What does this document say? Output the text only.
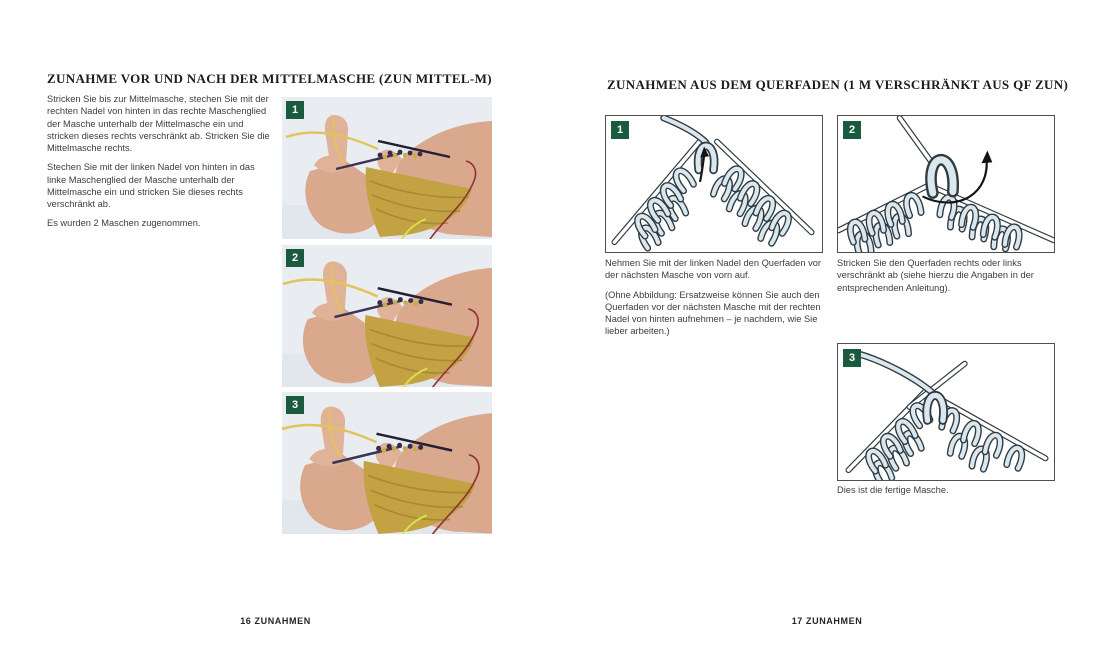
ZUNAHME VOR UND NACH DER MITTELMASCHE (ZUN MITTEL-M)

Stricken Sie bis zur Mittelmasche, stechen Sie mit der rechten Nadel von hinten in das rechte Maschenglied der Masche unterhalb der Mittelmasche ein und stricken dieses rechts verschränkt ab. Stricken Sie die Mittelmasche rechts.

Stechen Sie mit der linken Nadel von hinten in das linke Maschenglied der Masche unterhalb der Mittelmasche ein und stricken Sie dieses rechts verschränkt ab.

Es wurden 2 Maschen zugenommen.

1
2
3
16 ZUNAHMEN
ZUNAHMEN AUS DEM QUERFADEN (1 M VERSCHRÄNKT AUS QF ZUN)
1	2
3

Nehmen Sie mit der linken Nadel den Querfaden vor der nächsten Masche von vorn auf.

(Ohne Abbildung: Ersatzweise können Sie auch den Querfaden vor der nächsten Masche mit der rechten Nadel von hinten aufnehmen – je nachdem, wie Sie lieber arbeiten.)

Stricken Sie den Querfaden rechts oder links verschränkt ab (siehe hierzu die Angaben in der entsprechenden Anleitung).

Dies ist die fertige Masche.

17 ZUNAHMEN
